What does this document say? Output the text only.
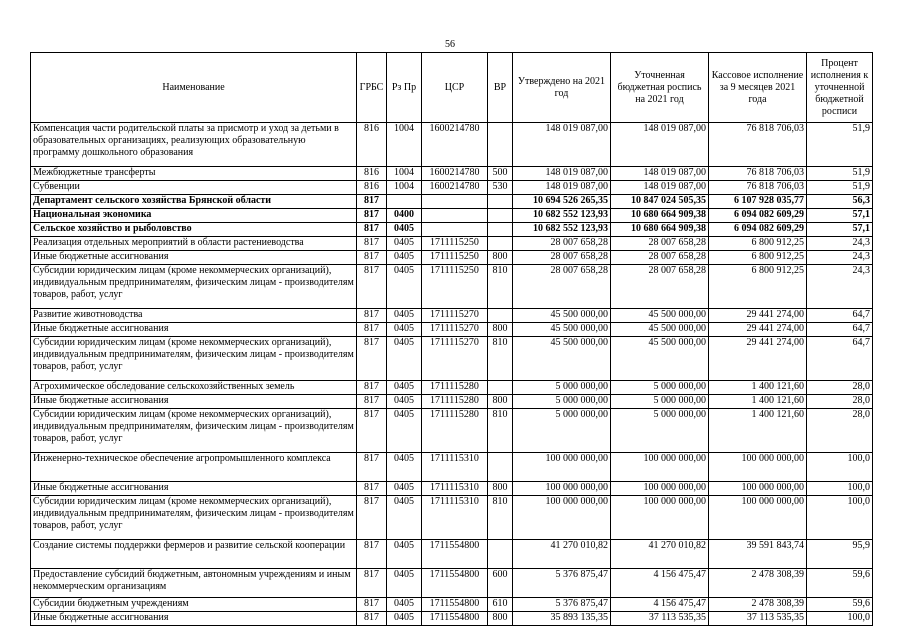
56
Наименование	ГРБС	Рз Пр	ЦСР	ВР	Утверждено на 2021 год	Уточненная бюджетная роспись на 2021 год	Кассовое исполнение за 9 месяцев 2021 года	Процент исполнения к уточненной бюджетной росписи
Компенсация части родительской платы за присмотр и уход за детьми в образовательных организациях, реализующих образовательную программу дошкольного образования	816	1004	1600214780		148 019 087,00	148 019 087,00	76 818 706,03	51,9
Межбюджетные трансферты	816	1004	1600214780	500	148 019 087,00	148 019 087,00	76 818 706,03	51,9
Субвенции	816	1004	1600214780	530	148 019 087,00	148 019 087,00	76 818 706,03	51,9
Департамент сельского хозяйства Брянской области	817				10 694 526 265,35	10 847 024 505,35	6 107 928 035,77	56,3
Национальная экономика	817	0400			10 682 552 123,93	10 680 664 909,38	6 094 082 609,29	57,1
Сельское хозяйство и рыболовство	817	0405			10 682 552 123,93	10 680 664 909,38	6 094 082 609,29	57,1
Реализация отдельных мероприятий в области растениеводства	817	0405	1711115250		28 007 658,28	28 007 658,28	6 800 912,25	24,3
Иные бюджетные ассигнования	817	0405	1711115250	800	28 007 658,28	28 007 658,28	6 800 912,25	24,3
Субсидии юридическим лицам (кроме некоммерческих организаций), индивидуальным предпринимателям, физическим лицам - производителям товаров, работ, услуг	817	0405	1711115250	810	28 007 658,28	28 007 658,28	6 800 912,25	24,3
Развитие животноводства	817	0405	1711115270		45 500 000,00	45 500 000,00	29 441 274,00	64,7
Иные бюджетные ассигнования	817	0405	1711115270	800	45 500 000,00	45 500 000,00	29 441 274,00	64,7
Субсидии юридическим лицам (кроме некоммерческих организаций), индивидуальным предпринимателям, физическим лицам - производителям товаров, работ, услуг	817	0405	1711115270	810	45 500 000,00	45 500 000,00	29 441 274,00	64,7
Агрохимическое обследование сельскохозяйственных земель	817	0405	1711115280		5 000 000,00	5 000 000,00	1 400 121,60	28,0
Иные бюджетные ассигнования	817	0405	1711115280	800	5 000 000,00	5 000 000,00	1 400 121,60	28,0
Субсидии юридическим лицам (кроме некоммерческих организаций), индивидуальным предпринимателям, физическим лицам - производителям товаров, работ, услуг	817	0405	1711115280	810	5 000 000,00	5 000 000,00	1 400 121,60	28,0
Инженерно-техническое обеспечение агропромышленного комплекса	817	0405	1711115310		100 000 000,00	100 000 000,00	100 000 000,00	100,0
Иные бюджетные ассигнования	817	0405	1711115310	800	100 000 000,00	100 000 000,00	100 000 000,00	100,0
Субсидии юридическим лицам (кроме некоммерческих организаций), индивидуальным предпринимателям, физическим лицам - производителям товаров, работ, услуг	817	0405	1711115310	810	100 000 000,00	100 000 000,00	100 000 000,00	100,0
Создание системы поддержки фермеров и развитие сельской кооперации	817	0405	1711554800		41 270 010,82	41 270 010,82	39 591 843,74	95,9
Предоставление субсидий бюджетным, автономным учреждениям и иным некоммерческим организациям	817	0405	1711554800	600	5 376 875,47	4 156 475,47	2 478 308,39	59,6
Субсидии бюджетным учреждениям	817	0405	1711554800	610	5 376 875,47	4 156 475,47	2 478 308,39	59,6
Иные бюджетные ассигнования	817	0405	1711554800	800	35 893 135,35	37 113 535,35	37 113 535,35	100,0
